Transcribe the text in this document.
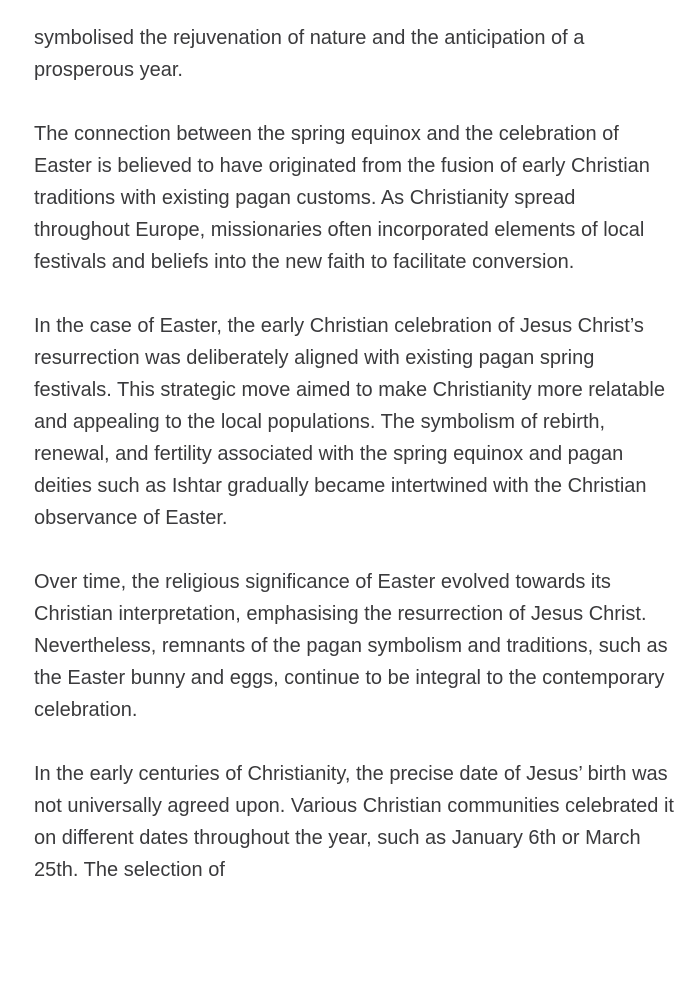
symbolised the rejuvenation of nature and the anticipation of a prosperous year.

The connection between the spring equinox and the celebration of Easter is believed to have originated from the fusion of early Christian traditions with existing pagan customs. As Christianity spread throughout Europe, missionaries often incorporated elements of local festivals and beliefs into the new faith to facilitate conversion.

In the case of Easter, the early Christian celebration of Jesus Christ’s resurrection was deliberately aligned with existing pagan spring festivals. This strategic move aimed to make Christianity more relatable and appealing to the local populations. The symbolism of rebirth, renewal, and fertility associated with the spring equinox and pagan deities such as Ishtar gradually became intertwined with the Christian observance of Easter.

Over time, the religious significance of Easter evolved towards its Christian interpretation, emphasising the resurrection of Jesus Christ. Nevertheless, remnants of the pagan symbolism and traditions, such as the Easter bunny and eggs, continue to be integral to the contemporary celebration.

In the early centuries of Christianity, the precise date of Jesus’ birth was not universally agreed upon. Various Christian communities celebrated it on different dates throughout the year, such as January 6th or March 25th. The selection of
